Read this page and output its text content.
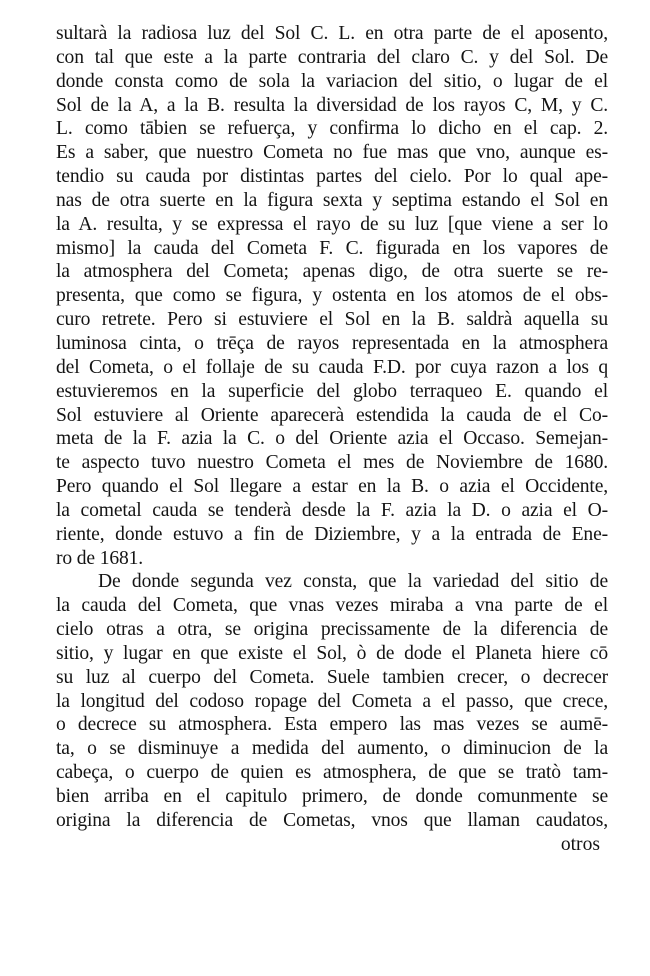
sultarà la radiosa luz del Sol C. L. en otra parte de el aposento,
con tal que este a la parte contraria del claro C. y del Sol. De
donde consta como de sola la variacion del sitio, o lugar de el
Sol de la A, a la B. resulta la diversidad de los rayos C, M, y C.
L. como tābien se refuerça, y confirma lo dicho en el cap. 2.
Es a saber, que nuestro Cometa no fue mas que vno, aunque es-
tendio su cauda por distintas partes del cielo. Por lo qual ape-
nas de otra suerte en la figura sexta y septima estando el Sol en
la A. resulta, y se expressa el rayo de su luz [que viene a ser lo
mismo] la cauda del Cometa F. C. figurada en los vapores de
la atmosphera del Cometa; apenas digo, de otra suerte se re-
presenta, que como se figura, y ostenta en los atomos de el obs-
curo retrete. Pero si estuviere el Sol en la B. saldrà aquella su
luminosa cinta, o trēça de rayos representada en la atmosphera
del Cometa, o el follaje de su cauda F.D. por cuya razon a los q
estuvieremos en la superficie del globo terraqueo E. quando el
Sol estuviere al Oriente aparecerà estendida la cauda de el Co-
meta de la F. azia la C. o del Oriente azia el Occaso. Semejan-
te aspecto tuvo nuestro Cometa el mes de Noviembre de 1680.
Pero quando el Sol llegare a estar en la B. o azia el Occidente,
la cometal cauda se tenderà desde la F. azia la D. o azia el O-
riente, donde estuvo a fin de Diziembre, y a la entrada de Ene-
ro de 1681.
De donde segunda vez consta, que la variedad del sitio de
la cauda del Cometa, que vnas vezes miraba a vna parte de el
cielo otras a otra, se origina precissamente de la diferencia de
sitio, y lugar en que existe el Sol, ò de dode el Planeta hiere cō
su luz al cuerpo del Cometa. Suele tambien crecer, o decrecer
la longitud del codoso ropage del Cometa a el passo, que crece,
o decrece su atmosphera. Esta empero las mas vezes se aumē-
ta, o se disminuye a medida del aumento, o diminucion de la
cabeça, o cuerpo de quien es atmosphera, de que se tratò tam-
bien arriba en el capitulo primero, de donde comunmente se
origina la diferencia de Cometas, vnos que llaman caudatos,
otros
